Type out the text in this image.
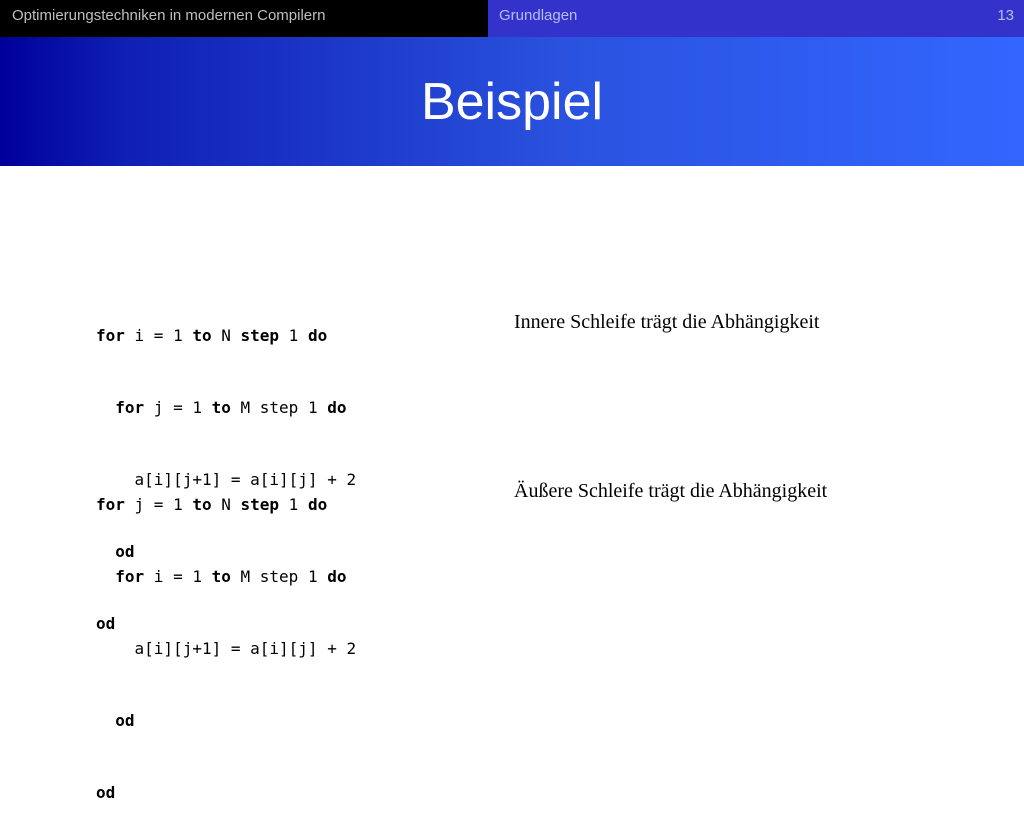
Optimierungstechniken in modernen Compilern	Grundlagen	13
Beispiel

for i = 1 to N step 1 do

for j = 1 to M step 1 do

a[i][j+1] = a[i][j] + 2

od

od

Innere Schleife trägt die Abhängigkeit

for j = 1 to N step 1 do

for i = 1 to M step 1 do

a[i][j+1] = a[i][j] + 2

od

od

Äußere Schleife trägt die Abhängigkeit
